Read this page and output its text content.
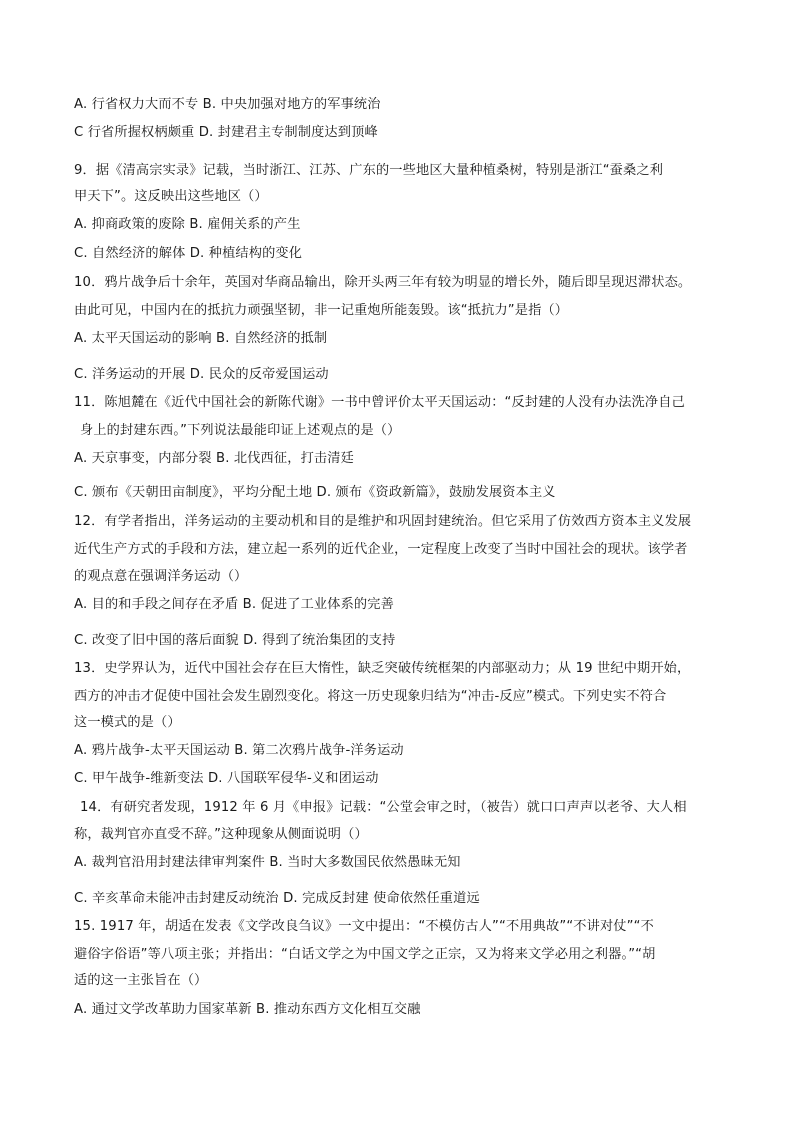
A. 行省权力大而不专 B. 中央加强对地方的军事统治
C 行省所握权柄颇重 D. 封建君主专制制度达到顶峰
9．据《清高宗实录》记载，当时浙江、江苏、广东的一些地区大量种植桑树，特别是浙江“蚕桑之利
甲天下”。这反映出这些地区（）
A. 抑商政策的废除 B. 雇佣关系的产生
C. 自然经济的解体 D. 种植结构的变化
10．鸦片战争后十余年，英国对华商品输出，除开头两三年有较为明显的增长外，随后即呈现迟滞状态。
由此可见，中国内在的抵抗力顽强坚韧，非一记重炮所能轰毁。该“抵抗力”是指（）
A. 太平天国运动的影响 B. 自然经济的抵制
C. 洋务运动的开展 D. 民众的反帝爱国运动
11．陈旭麓在《近代中国社会的新陈代谢》一书中曾评价太平天国运动：“反封建的人没有办法洗净自己
身上的封建东西。”下列说法最能印证上述观点的是（）
A. 天京事变，内部分裂 B. 北伐西征，打击清廷
C. 颁布《天朝田亩制度》，平均分配土地 D. 颁布《资政新篇》，鼓励发展资本主义
12．有学者指出，洋务运动的主要动机和目的是维护和巩固封建统治。但它采用了仿效西方资本主义发展
近代生产方式的手段和方法，建立起一系列的近代企业，一定程度上改变了当时中国社会的现状。该学者
的观点意在强调洋务运动（）
A. 目的和手段之间存在矛盾 B. 促进了工业体系的完善
C. 改变了旧中国的落后面貌 D. 得到了统治集团的支持
13．史学界认为，近代中国社会存在巨大惰性，缺乏突破传统框架的内部驱动力；从 19 世纪中期开始，
西方的冲击才促使中国社会发生剧烈变化。将这一历史现象归结为“冲击-反应”模式。下列史实不符合
这一模式的是（）
A. 鸦片战争-太平天国运动 B. 第二次鸦片战争-洋务运动
C. 甲午战争-维新变法 D. 八国联军侵华-义和团运动
14．有研究者发现，1912 年 6 月《申报》记载：“公堂会审之时，（被告）就口口声声以老爷、大人相
称，裁判官亦直受不辞。”这种现象从侧面说明（）
A. 裁判官沿用封建法律审判案件 B. 当时大多数国民依然愚昧无知
C. 辛亥革命未能冲击封建反动统治 D. 完成反封建 使命依然任重道远
15. 1917 年，胡适在发表《文学改良刍议》一文中提出：“不模仿古人”“不用典故”“不讲对仗”“不
避俗字俗语”等八项主张；并指出：“白话文学之为中国文学之正宗，又为将来文学必用之利器。”“胡
适的这一主张旨在（）
A. 通过文学改革助力国家革新 B. 推动东西方文化相互交融
